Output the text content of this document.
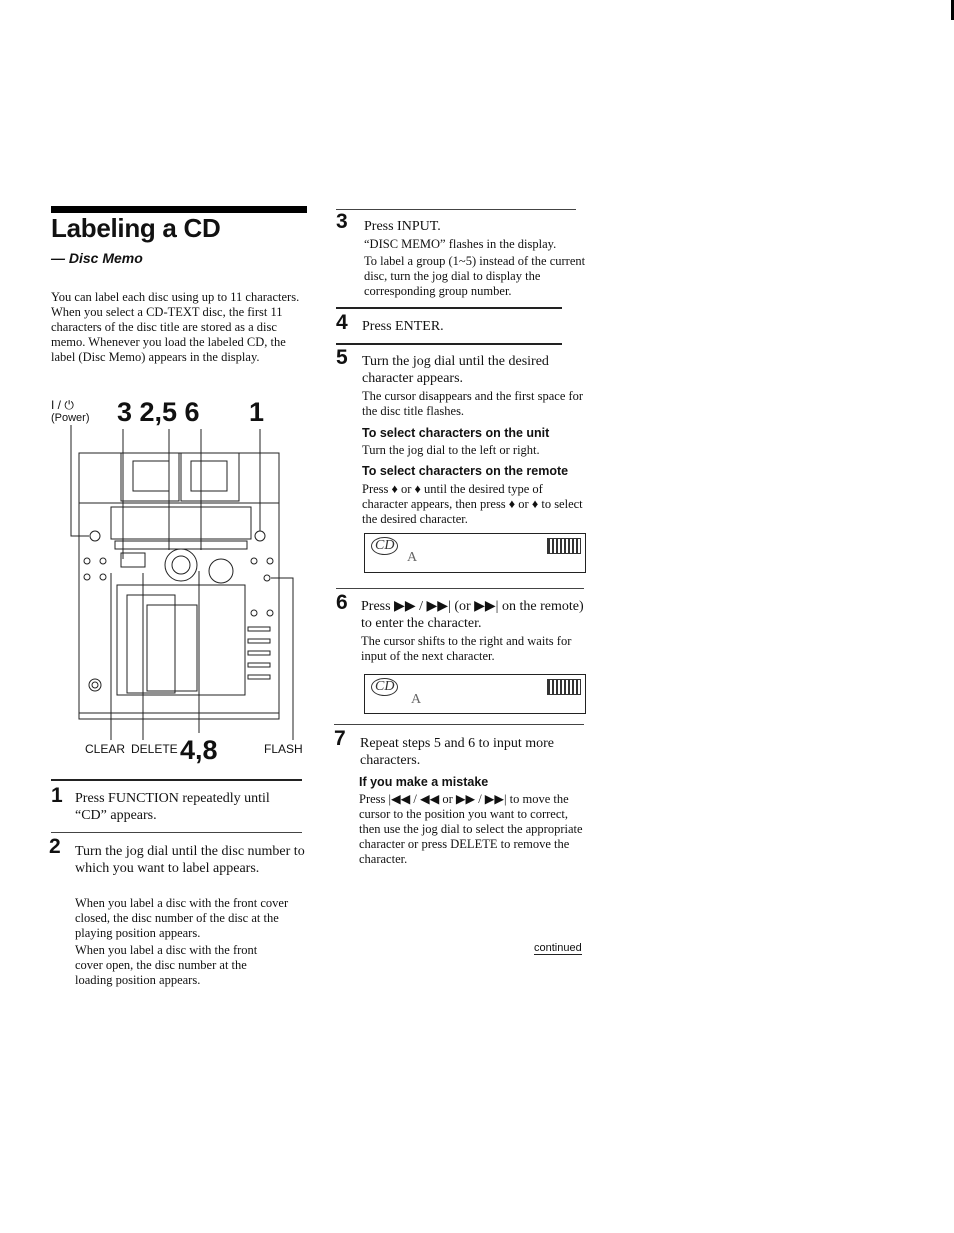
Labeling a CD
— Disc Memo
You can label each disc using up to 11 characters. When you select a CD-TEXT disc, the first 11 characters of the disc title are stored as a disc memo. Whenever you load the labeled CD, the label (Disc Memo) appears in the display.
I / ⏻
(Power) 3 2,5 6 1
CLEAR DELETE 4,8	FLASH
1 Press FUNCTION repeatedly until “CD” appears.
2 Turn the jog dial until the disc number to which you want to label appears.
When you label a disc with the front cover closed, the disc number of the disc at the playing position appears.
When you label a disc with the front cover open, the disc number at the loading position appears.
3 Press INPUT.
“DISC MEMO” flashes in the display.
To label a group (1~5) instead of the current disc, turn the jog dial to display the corresponding group number.
4 Press ENTER.
5 Turn the jog dial until the desired character appears.
The cursor disappears and the first space for the disc title flashes.
To select characters on the unit
Turn the jog dial to the left or right.
To select characters on the remote
Press ♦ or ♦ until the desired type of character appears, then press ♦ or ♦ to select the desired character.
CD
A
6 Press ▶▶ / ▶▶| (or ▶▶| on the remote) to enter the character.
The cursor shifts to the right and waits for input of the next character.
CD
A
7 Repeat steps 5 and 6 to input more characters.
If you make a mistake
Press |◀◀ / ◀◀ or ▶▶ / ▶▶| to move the cursor to the position you want to correct, then use the jog dial to select the appropriate character or press DELETE to remove the character.
continued
